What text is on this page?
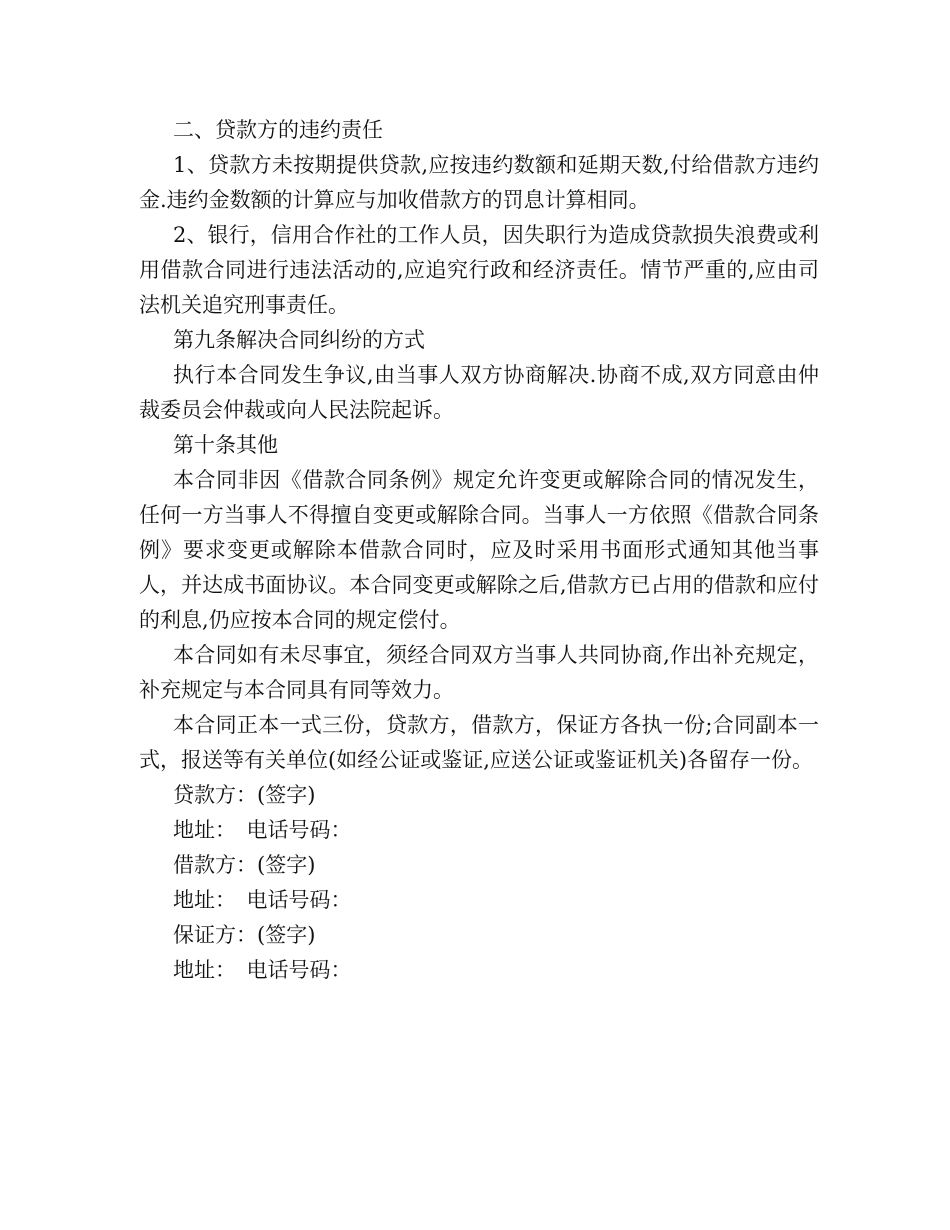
二、贷款方的违约责任

1、贷款方未按期提供贷款,应按违约数额和延期天数,付给借款方违约金.违约金数额的计算应与加收借款方的罚息计算相同。

2、银行，信用合作社的工作人员，因失职行为造成贷款损失浪费或利用借款合同进行违法活动的,应追究行政和经济责任。情节严重的,应由司法机关追究刑事责任。

第九条解决合同纠纷的方式

执行本合同发生争议,由当事人双方协商解决.协商不成,双方同意由仲裁委员会仲裁或向人民法院起诉。

第十条其他

本合同非因《借款合同条例》规定允许变更或解除合同的情况发生，任何一方当事人不得擅自变更或解除合同。当事人一方依照《借款合同条例》要求变更或解除本借款合同时，应及时采用书面形式通知其他当事人，并达成书面协议。本合同变更或解除之后,借款方已占用的借款和应付的利息,仍应按本合同的规定偿付。

本合同如有未尽事宜，须经合同双方当事人共同协商,作出补充规定，补充规定与本合同具有同等效力。

本合同正本一式三份，贷款方，借款方，保证方各执一份;合同副本一式，报送等有关单位(如经公证或鉴证,应送公证或鉴证机关)各留存一份。

贷款方：(签字)

地址：　电话号码：

借款方：(签字)

地址：　电话号码：

保证方：(签字)

地址：　电话号码：
